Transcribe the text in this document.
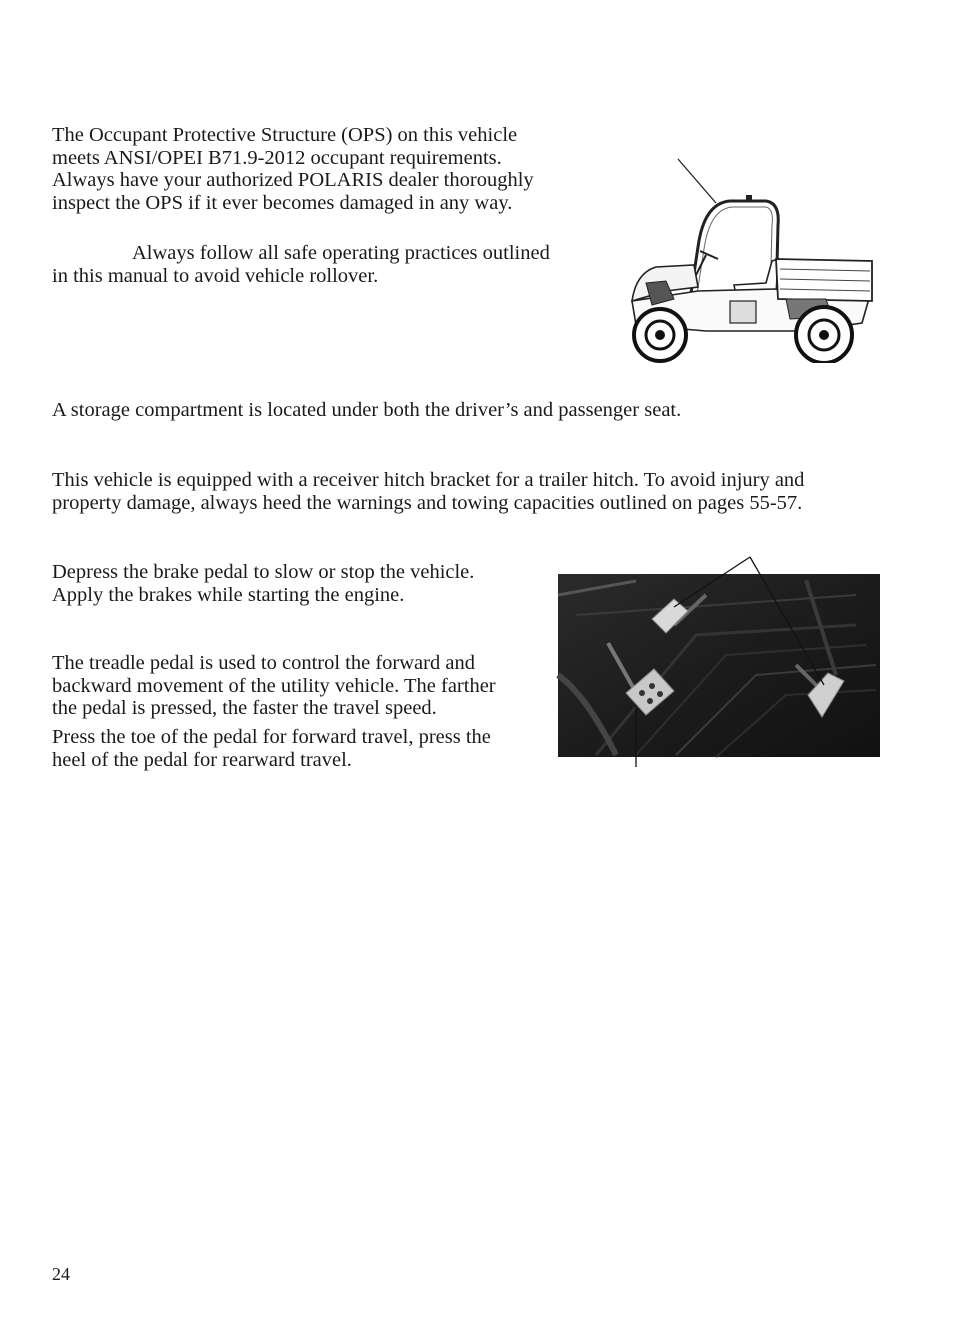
The Occupant Protective Structure (OPS) on this vehicle
meets ANSI/OPEI B71.9-2012 occupant requirements.
Always have your authorized POLARIS dealer thoroughly
inspect the OPS if it ever becomes damaged in any way.

Always follow all safe operating practices outlined
in this manual to avoid vehicle rollover.

A storage compartment is located under both the driver’s and passenger seat.

This vehicle is equipped with a receiver hitch bracket for a trailer hitch. To avoid injury and
property damage, always heed the warnings and towing capacities outlined on pages 55-57.

Depress the brake pedal to slow or stop the vehicle.
Apply the brakes while starting the engine.

The treadle pedal is used to control the forward and
backward movement of the utility vehicle. The farther
the pedal is pressed, the faster the travel speed.

Press the toe of the pedal for forward travel, press the
heel of the pedal for rearward travel.

24
